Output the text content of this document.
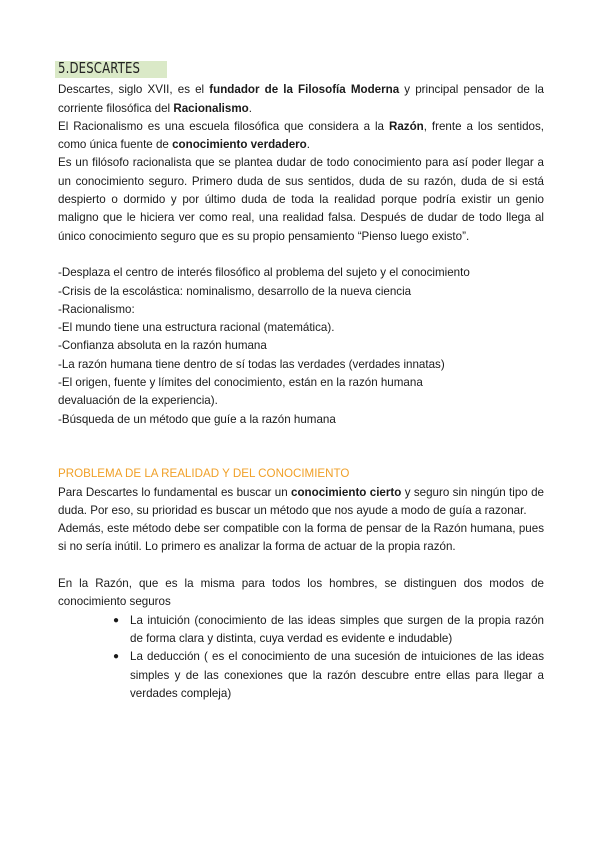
5.DESCARTES

Descartes, siglo XVII, es el fundador de la Filosofía Moderna y principal pensador de la corriente filosófica del Racionalismo.

El Racionalismo es una escuela filosófica que considera a la Razón, frente a los sentidos, como única fuente de conocimiento verdadero.

Es un filósofo racionalista que se plantea dudar de todo conocimiento para así poder llegar a un conocimiento seguro. Primero duda de sus sentidos, duda de su razón, duda de si está despierto o dormido y por último duda de toda la realidad porque podría existir un genio maligno que le hiciera ver como real, una realidad falsa. Después de dudar de todo llega al único conocimiento seguro que es su propio pensamiento “Pienso luego existo”.

-Desplaza el centro de interés filosófico al problema del sujeto y el conocimiento

-Crisis de la escolástica: nominalismo, desarrollo de la nueva ciencia

-Racionalismo:

-El mundo tiene una estructura racional (matemática).

-Confianza absoluta en la razón humana

-La razón humana tiene dentro de sí todas las verdades (verdades innatas)

-El origen, fuente y límites del conocimiento, están en la razón humana

devaluación de la experiencia).

-Búsqueda de un método que guíe a la razón humana

PROBLEMA DE LA REALIDAD Y DEL CONOCIMIENTO

Para Descartes lo fundamental es buscar un conocimiento cierto y seguro sin ningún tipo de duda. Por eso, su prioridad es buscar un método que nos ayude a modo de guía a razonar.

Además, este método debe ser compatible con la forma de pensar de la Razón humana, pues si no sería inútil. Lo primero es analizar la forma de actuar de la propia razón.

En la Razón, que es la misma para todos los hombres, se distinguen dos modos de conocimiento seguros

● La intuición (conocimiento de las ideas simples que surgen de la propia razón de forma clara y distinta, cuya verdad es evidente e indudable)
● La deducción ( es el conocimiento de una sucesión de intuiciones de las ideas simples y de las conexiones que la razón descubre entre ellas para llegar a verdades compleja)
